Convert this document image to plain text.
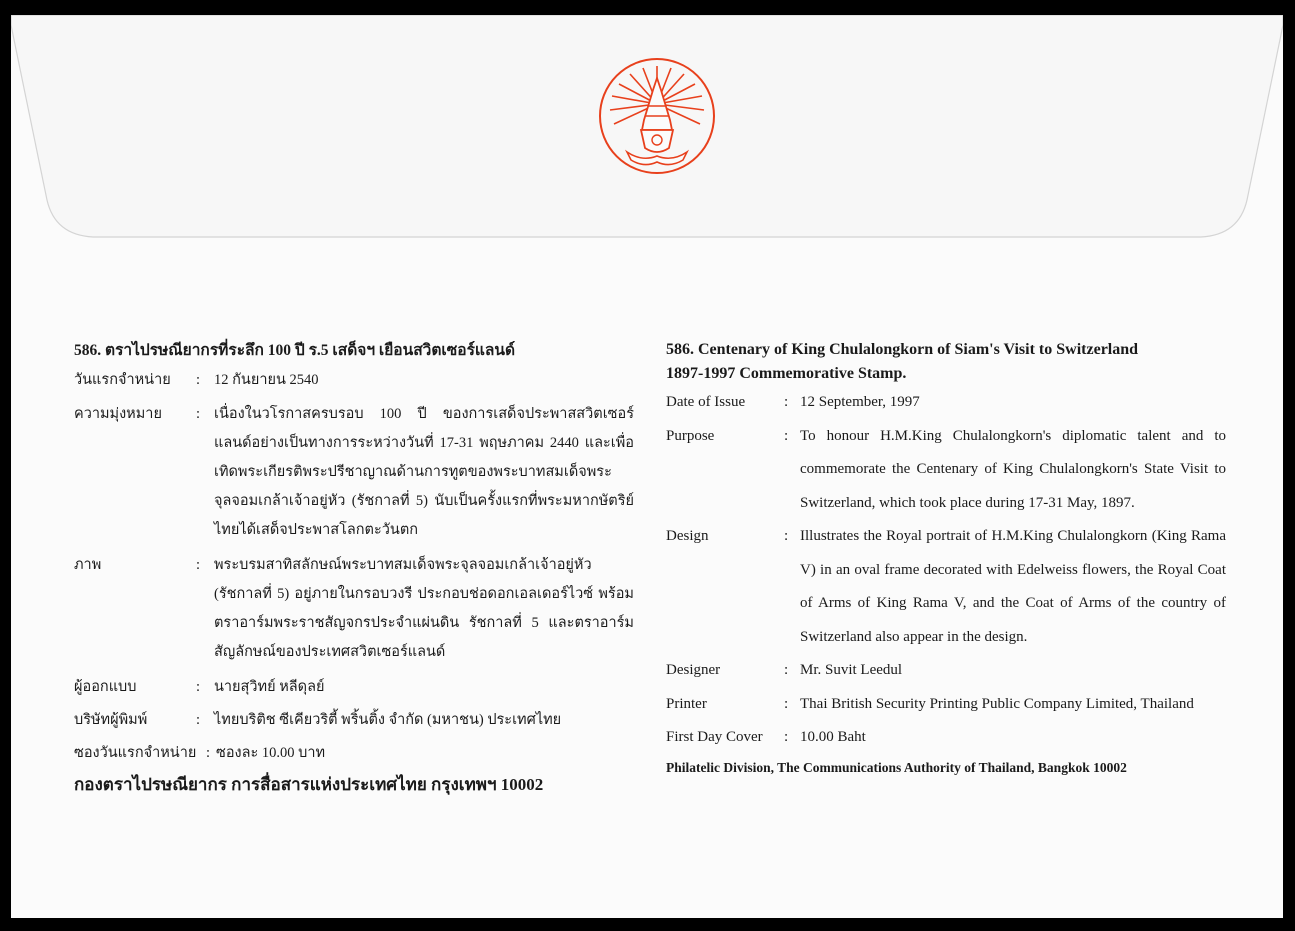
586. ตราไปรษณียากรที่ระลึก 100 ปี ร.5 เสด็จฯ เยือนสวิตเซอร์แลนด์

วันแรกจำหน่าย	: 12 กันยายน 2540
ความมุ่งหมาย	: เนื่องในวโรกาสครบรอบ 100 ปี ของการเสด็จประพาสสวิตเซอร์แลนด์อย่างเป็นทางการระหว่างวันที่ 17-31 พฤษภาคม 2440 และเพื่อเทิดพระเกียรติพระปรีชาญาณด้านการทูตของพระบาทสมเด็จพระจุลจอมเกล้าเจ้าอยู่หัว (รัชกาลที่ 5) นับเป็นครั้งแรกที่พระมหากษัตริย์ไทยได้เสด็จประพาสโลกตะวันตก
ภาพ	: พระบรมสาทิสลักษณ์พระบาทสมเด็จพระจุลจอมเกล้าเจ้าอยู่หัว (รัชกาลที่ 5) อยู่ภายในกรอบวงรี ประกอบช่อดอกเอลเดอร์ไวซ์ พร้อมตราอาร์มพระราชสัญจกรประจำแผ่นดิน รัชกาลที่ 5 และตราอาร์มสัญลักษณ์ของประเทศสวิตเซอร์แลนด์
ผู้ออกแบบ	: นายสุวิทย์ หลีดุลย์
บริษัทผู้พิมพ์	: ไทยบริติช ซีเคียวริตี้ พริ้นติ้ง จำกัด (มหาชน) ประเทศไทย
ซองวันแรกจำหน่าย : ซองละ 10.00 บาท
กองตราไปรษณียากร การสื่อสารแห่งประเทศไทย กรุงเทพฯ 10002

586. Centenary of King Chulalongkorn of Siam's Visit to Switzerland

1897-1997 Commemorative Stamp.

Date of Issue	: 12 September, 1997
Purpose	: To honour H.M.King Chulalongkorn's diplomatic talent and to commemorate the Centenary of King Chulalongkorn's State Visit to Switzerland, which took place during 17-31 May, 1897.
Design	: Illustrates the Royal portrait of H.M.King Chulalongkorn (King Rama V) in an oval frame decorated with Edelweiss flowers, the Royal Coat of Arms of King Rama V, and the Coat of Arms of the country of Switzerland also appear in the design.
Designer	: Mr. Suvit Leedul
Printer	: Thai British Security Printing Public Company Limited, Thailand
First Day Cover	: 10.00 Baht
Philatelic Division, The Communications Authority of Thailand, Bangkok 10002
